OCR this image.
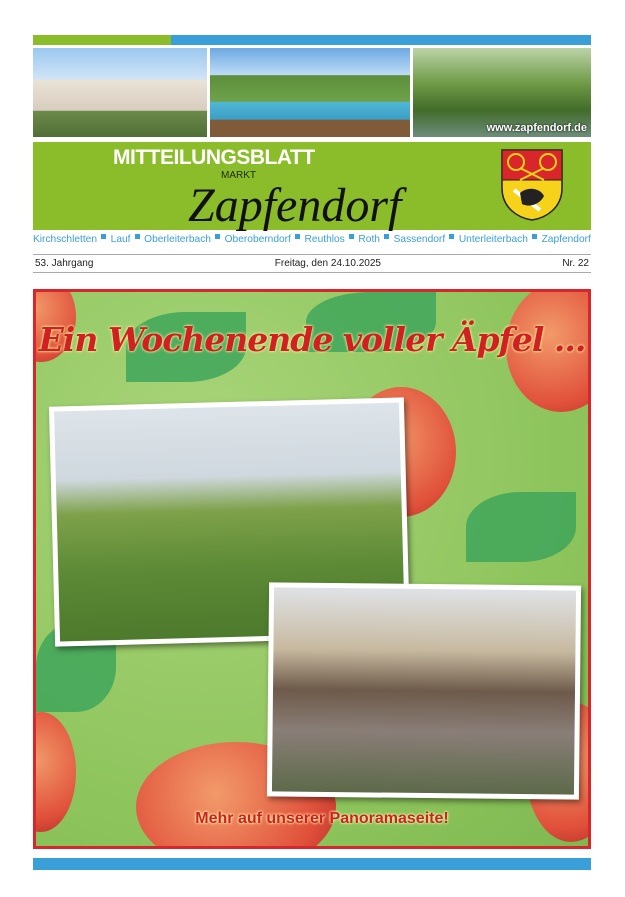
www.zapfendorf.de
MITTEILUNGSBLATT
MARKT
Zapfendorf
Kirchschletten Lauf Oberleiterbach Oberoberndorf Reuthlos Roth Sassendorf Unterleiterbach Zapfendorf
53. Jahrgang	Freitag, den 24.10.2025	Nr. 22
Ein Wochenende voller Äpfel ...
Mehr auf unserer Panoramaseite!
